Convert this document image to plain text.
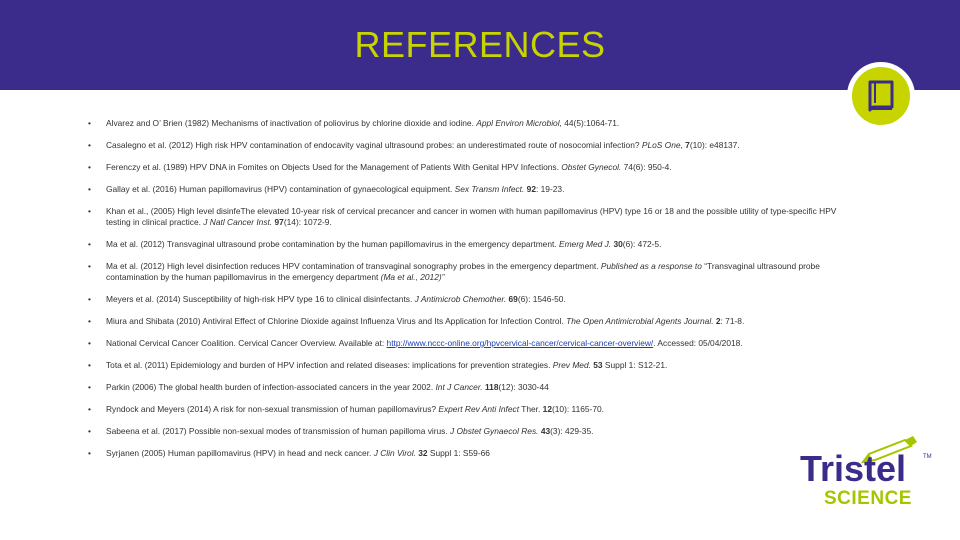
REFERENCES
• Alvarez and O’ Brien (1982) Mechanisms of inactivation of poliovirus by chlorine dioxide and iodine. Appl Environ Microbiol, 44(5):1064-71.
• Casalegno et al. (2012) High risk HPV contamination of endocavity vaginal ultrasound probes: an underestimated route of nosocomial infection? PLoS One, 7(10): e48137.
• Ferenczy et al. (1989) HPV DNA in Fomites on Objects Used for the Management of Patients With Genital HPV Infections. Obstet Gynecol. 74(6): 950-4.
• Gallay et al. (2016) Human papillomavirus (HPV) contamination of gynaecological equipment. Sex Transm Infect. 92: 19-23.
• Khan et al., (2005) High level disinfeThe elevated 10-year risk of cervical precancer and cancer in women with human papillomavirus (HPV) type 16 or 18 and the possible utility of type-specific HPV testing in clinical practice. J Natl Cancer Inst. 97(14): 1072-9.
• Ma et al. (2012) Transvaginal ultrasound probe contamination by the human papillomavirus in the emergency department. Emerg Med J. 30(6): 472-5.
• Ma et al. (2012) High level disinfection reduces HPV contamination of transvaginal sonography probes in the emergency department. Published as a response to “Transvaginal ultrasound probe contamination by the human papillomavirus in the emergency department (Ma et al., 2012)”
• Meyers et al. (2014) Susceptibility of high-risk HPV type 16 to clinical disinfectants. J Antimicrob Chemother. 69(6): 1546-50.
• Miura and Shibata (2010) Antiviral Effect of Chlorine Dioxide against Influenza Virus and Its Application for Infection Control. The Open Antimicrobial Agents Journal. 2: 71-8.
• National Cervical Cancer Coalition. Cervical Cancer Overview. Available at: http://www.nccc-online.org/hpvcervical-cancer/cervical-cancer-overview/. Accessed: 05/04/2018.
• Tota et al. (2011) Epidemiology and burden of HPV infection and related diseases: implications for prevention strategies. Prev Med. 53 Suppl 1: S12-21.
• Parkin (2006) The global health burden of infection-associated cancers in the year 2002. Int J Cancer. 118(12): 3030-44
• Ryndock and Meyers (2014) A risk for non-sexual transmission of human papillomavirus? Expert Rev Anti Infect Ther. 12(10): 1165-70.
• Sabeena et al. (2017) Possible non-sexual modes of transmission of human papilloma virus. J Obstet Gynaecol Res. 43(3): 429-35.
• Syrjanen (2005) Human papillomavirus (HPV) in head and neck cancer. J Clin Virol. 32 Suppl 1: S59-66	Tristel	TM
SCIENCE
